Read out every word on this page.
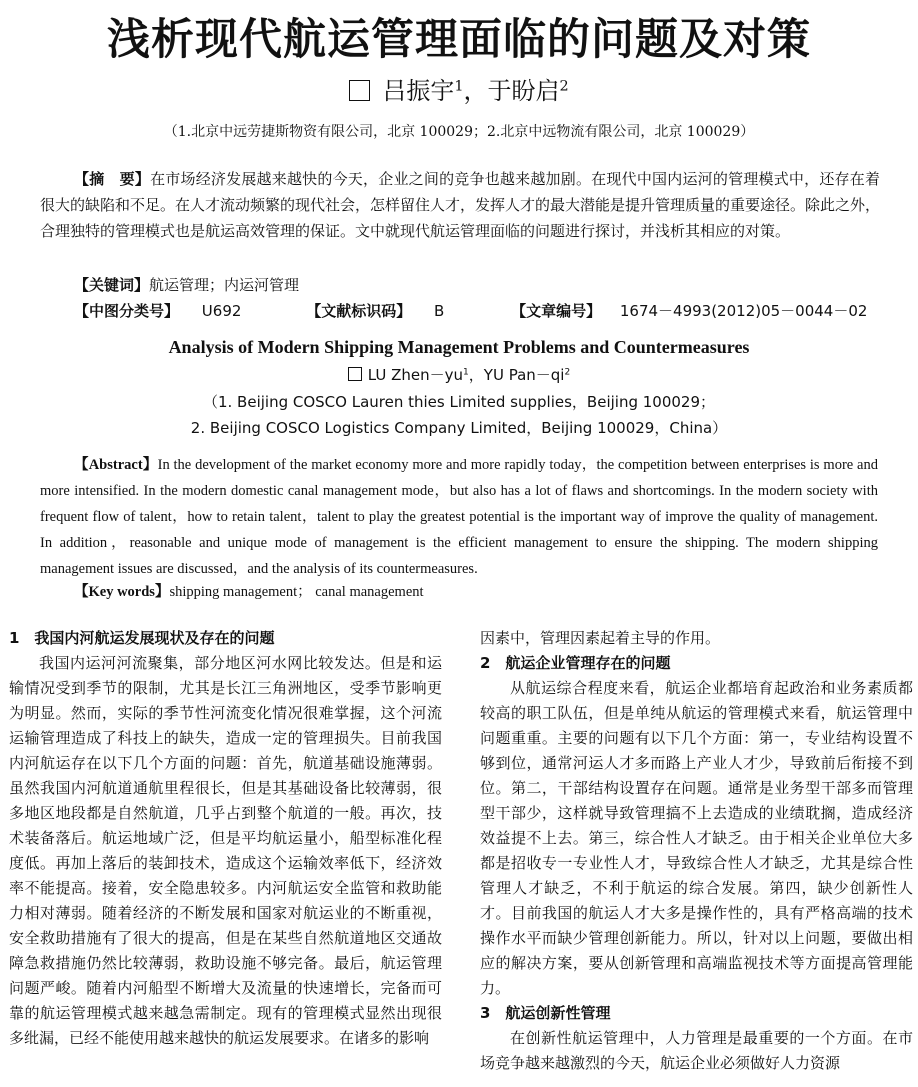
浅析现代航运管理面临的问题及对策
吕振宇$^1$，于盼启$^2$
（1.北京中远劳捷斯物资有限公司，北京 100029；2.北京中远物流有限公司，北京 100029）

【摘　要】在市场经济发展越来越快的今天，企业之间的竞争也越来越加剧。在现代中国内运河的管理模式中，还存在着很大的缺陷和不足。在人才流动频繁的现代社会，怎样留住人才，发挥人才的最大潜能是提升管理质量的重要途径。除此之外，合理独特的管理模式也是航运高效管理的保证。文中就现代航运管理面临的问题进行探讨，并浅析其相应的对策。

【关键词】航运管理；内运河管理
【中图分类号】 U692	【文献标识码】 B	【文章编号】 1674－4993(2012)05－0044－02
Analysis of Modern Shipping Management Problems and Countermeasures
LU $Zhen-yu^1$，YU $Pan-qi^2$
（1. Beijing COSCO Lauren thies Limited supplies，Beijing 100029；
2. Beijing COSCO Logistics Company Limited，Beijing 100029，China）

【Abstract】In the development of the market economy more and more rapidly today，the competition between enterprises is more and more intensified. In the modern domestic canal management mode，but also has a lot of flaws and shortcomings. In the modern society with frequent flow of talent，how to retain talent，talent to play the greatest potential is the important way of improve the quality of management. In addition，reasonable and unique mode of management is the efficient management to ensure the shipping. The modern shipping management issues are discussed，and the analysis of its countermeasures.

【Key words】shipping management； canal management

1　我国内河航运发展现状及存在的问题

我国内运河河流聚集，部分地区河水网比较发达。但是和运输情况受到季节的限制，尤其是长江三角洲地区，受季节影响更为明显。然而，实际的季节性河流变化情况很难掌握，这个河流运输管理造成了科技上的缺失，造成一定的管理损失。目前我国内河航运存在以下几个方面的问题：首先，航道基础设施薄弱。虽然我国内河航道通航里程很长，但是其基础设备比较薄弱，很多地区地段都是自然航道，几乎占到整个航道的一般。再次，技术装备落后。航运地域广泛，但是平均航运量小，船型标准化程度低。再加上落后的装卸技术，造成这个运输效率低下，经济效率不能提高。接着，安全隐患较多。内河航运安全监管和救助能力相对薄弱。随着经济的不断发展和国家对航运业的不断重视，安全救助措施有了很大的提高，但是在某些自然航道地区交通故障急救措施仍然比较薄弱，救助设施不够完备。最后，航运管理问题严峻。随着内河船型不断增大及流量的快速增长，完备而可靠的航运管理模式越来越急需制定。现有的管理模式显然出现很多纰漏，已经不能使用越来越快的航运发展要求。在诸多的影响

因素中，管理因素起着主导的作用。

2　航运企业管理存在的问题

从航运综合程度来看，航运企业都培育起政治和业务素质都较高的职工队伍，但是单纯从航运的管理模式来看，航运管理中问题重重。主要的问题有以下几个方面：第一，专业结构设置不够到位，通常河运人才多而路上产业人才少，导致前后衔接不到位。第二，干部结构设置存在问题。通常是业务型干部多而管理型干部少，这样就导致管理搞不上去造成的业绩耽搁，造成经济效益提不上去。第三，综合性人才缺乏。由于相关企业单位大多都是招收专一专业性人才，导致综合性人才缺乏，尤其是综合性管理人才缺乏，不利于航运的综合发展。第四，缺少创新性人才。目前我国的航运人才大多是操作性的，具有严格高端的技术操作水平而缺少管理创新能力。所以，针对以上问题，要做出相应的解决方案，要从创新管理和高端监视技术等方面提高管理能力。

3　航运创新性管理

在创新性航运管理中，人力管理是最重要的一个方面。在市场竞争越来越激烈的今天，航运企业必须做好人力资源
